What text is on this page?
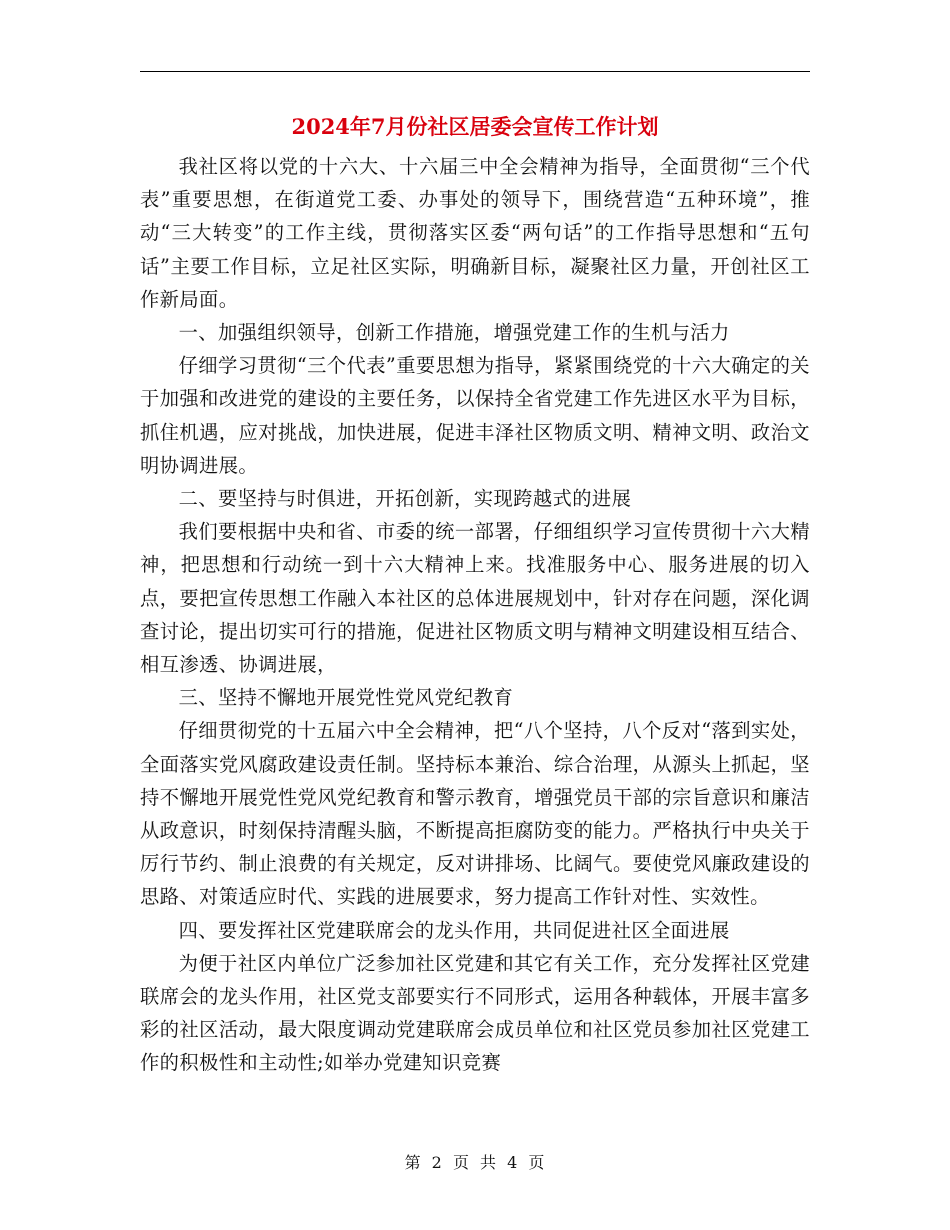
2024年7月份社区居委会宣传工作计划

我社区将以党的十六大、十六届三中全会精神为指导，全面贯彻“三个代表”重要思想，在街道党工委、办事处的领导下，围绕营造“五种环境”，推动“三大转变”的工作主线，贯彻落实区委“两句话”的工作指导思想和“五句话”主要工作目标，立足社区实际，明确新目标，凝聚社区力量，开创社区工作新局面。

一、加强组织领导，创新工作措施，增强党建工作的生机与活力

仔细学习贯彻“三个代表”重要思想为指导，紧紧围绕党的十六大确定的关于加强和改进党的建设的主要任务，以保持全省党建工作先进区水平为目标，抓住机遇，应对挑战，加快进展，促进丰泽社区物质文明、精神文明、政治文明协调进展。

二、要坚持与时俱进，开拓创新，实现跨越式的进展

我们要根据中央和省、市委的统一部署，仔细组织学习宣传贯彻十六大精神，把思想和行动统一到十六大精神上来。找准服务中心、服务进展的切入点，要把宣传思想工作融入本社区的总体进展规划中，针对存在问题，深化调查讨论，提出切实可行的措施，促进社区物质文明与精神文明建设相互结合、相互渗透、协调进展，

三、坚持不懈地开展党性党风党纪教育

仔细贯彻党的十五届六中全会精神，把“八个坚持，八个反对“落到实处，全面落实党风腐政建设责任制。坚持标本兼治、综合治理，从源头上抓起，坚持不懈地开展党性党风党纪教育和警示教育，增强党员干部的宗旨意识和廉洁从政意识，时刻保持清醒头脑，不断提高拒腐防变的能力。严格执行中央关于厉行节约、制止浪费的有关规定，反对讲排场、比阔气。要使党风廉政建设的思路、对策适应时代、实践的进展要求，努力提高工作针对性、实效性。

四、要发挥社区党建联席会的龙头作用，共同促进社区全面进展

为便于社区内单位广泛参加社区党建和其它有关工作，充分发挥社区党建联席会的龙头作用，社区党支部要实行不同形式，运用各种载体，开展丰富多彩的社区活动，最大限度调动党建联席会成员单位和社区党员参加社区党建工作的积极性和主动性;如举办党建知识竞赛

第 2 页 共 4 页
